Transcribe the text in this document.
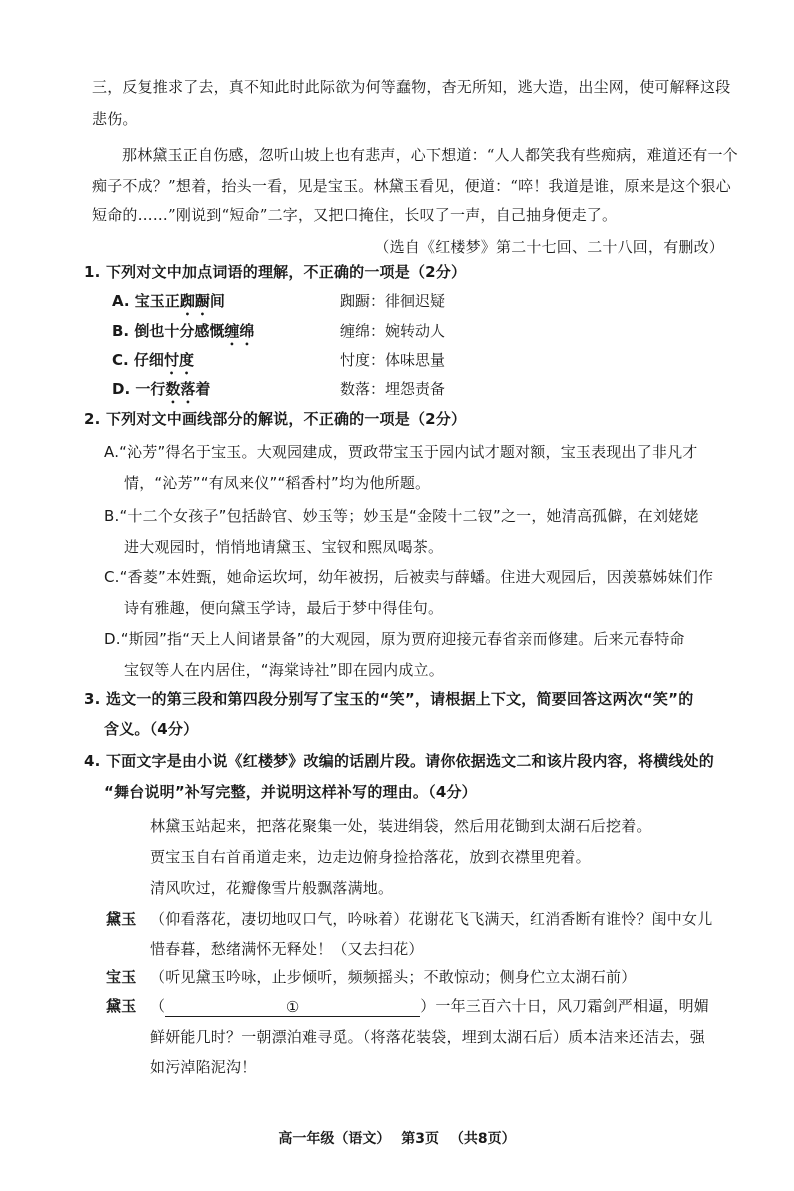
三，反复推求了去，真不知此时此际欲为何等蠢物，杳无所知，逃大造，出尘网，使可解释这段
悲伤。
那林黛玉正自伤感，忽听山坡上也有悲声，心下想道：“人人都笑我有些痴病，难道还有一个
痴子不成？”想着，抬头一看，见是宝玉。林黛玉看见，便道：“啐！我道是谁，原来是这个狠心
短命的……”刚说到“短命”二字，又把口掩住，长叹了一声，自己抽身便走了。
（选自《红楼梦》第二十七回、二十八回，有删改）
1. 下列对文中加点词语的理解，不正确的一项是（2分）
A. 宝玉正踟蹰间	踟蹰：徘徊迟疑
B. 倒也十分感慨缠绵	缠绵：婉转动人
C. 仔细忖度	忖度：体味思量
D. 一行数落着	数落：埋怨责备
2. 下列对文中画线部分的解说，不正确的一项是（2分）
A.“沁芳”得名于宝玉。大观园建成，贾政带宝玉于园内试才题对额，宝玉表现出了非凡才
情，“沁芳”“有凤来仪”“稻香村”均为他所题。
B.“十二个女孩子”包括龄官、妙玉等；妙玉是“金陵十二钗”之一，她清高孤僻，在刘姥姥
进大观园时，悄悄地请黛玉、宝钗和熙凤喝茶。
C.“香菱”本姓甄，她命运坎坷，幼年被拐，后被卖与薛蟠。住进大观园后，因羡慕姊妹们作
诗有雅趣，便向黛玉学诗，最后于梦中得佳句。
D.“斯园”指“天上人间诸景备”的大观园，原为贾府迎接元春省亲而修建。后来元春特命
宝钗等人在内居住，“海棠诗社”即在园内成立。
3. 选文一的第三段和第四段分别写了宝玉的“笑”，请根据上下文，简要回答这两次“笑”的
含义。（4分）
4. 下面文字是由小说《红楼梦》改编的话剧片段。请你依据选文二和该片段内容，将横线处的
“舞台说明”补写完整，并说明这样补写的理由。（4分）
林黛玉站起来，把落花聚集一处，装进绢袋，然后用花锄到太湖石后挖着。
贾宝玉自右首甬道走来，边走边俯身捡拾落花，放到衣襟里兜着。
清风吹过，花瓣像雪片般飘落满地。
黛玉 （仰看落花，凄切地叹口气，吟咏着）花谢花飞飞满天，红消香断有谁怜？闺中女儿
惜春暮，愁绪满怀无释处！（又去扫花）
宝玉 （听见黛玉吟咏，止步倾听，频频摇头；不敢惊动；侧身伫立太湖石前）
黛玉 （	①	）一年三百六十日，风刀霜剑严相逼，明媚
鲜妍能几时？一朝漂泊难寻觅。（将落花装袋，埋到太湖石后）质本洁来还洁去，强
如污淖陷泥沟！
高一年级（语文） 第3页 （共8页）
